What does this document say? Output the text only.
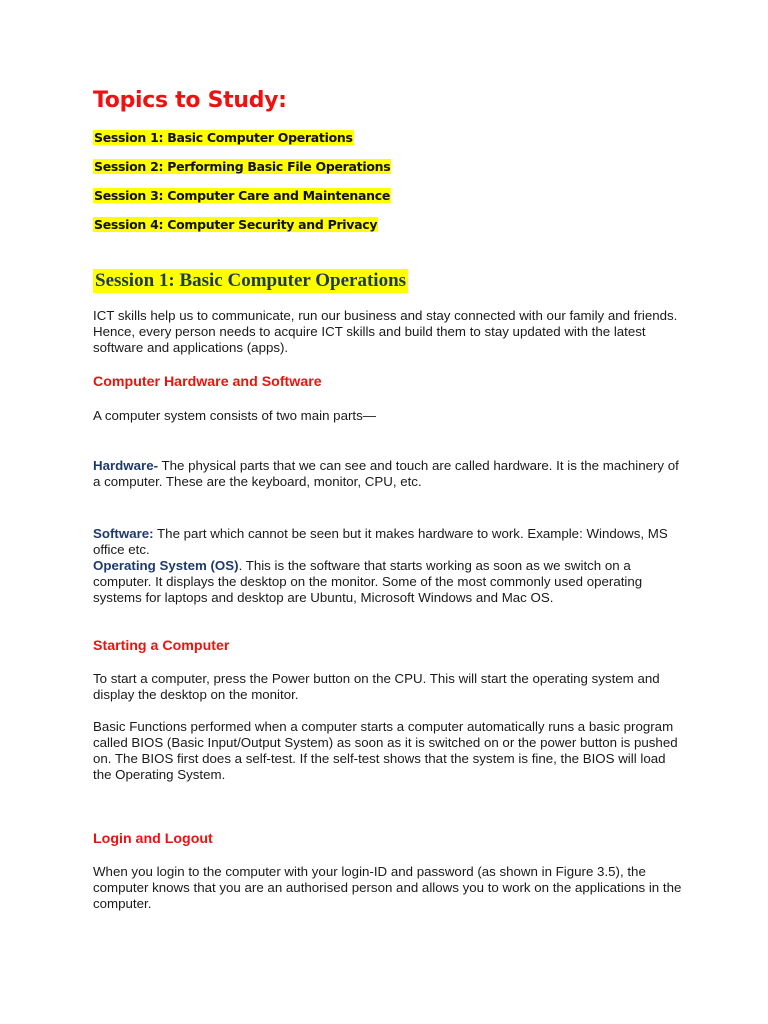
Topics to Study:
Session 1: Basic Computer Operations
Session 2: Performing Basic File Operations
Session 3: Computer Care and Maintenance
Session 4: Computer Security and Privacy
Session 1: Basic Computer Operations

ICT skills help us to communicate, run our business and stay connected with our family and friends. Hence, every person needs to acquire ICT skills and build them to stay updated with the latest software and applications (apps).

Computer Hardware and Software

A computer system consists of two main parts—

Hardware- The physical parts that we can see and touch are called hardware. It is the machinery of a computer. These are the keyboard, monitor, CPU, etc.

Software: The part which cannot be seen but it makes hardware to work. Example: Windows, MS office etc.

Operating System (OS). This is the software that starts working as soon as we switch on a computer. It displays the desktop on the monitor. Some of the most commonly used operating systems for laptops and desktop are Ubuntu, Microsoft Windows and Mac OS.

Starting a Computer

To start a computer, press the Power button on the CPU. This will start the operating system and display the desktop on the monitor.

Basic Functions performed when a computer starts a computer automatically runs a basic program called BIOS (Basic Input/Output System) as soon as it is switched on or the power button is pushed on. The BIOS first does a self-test. If the self-test shows that the system is fine, the BIOS will load the Operating System.

Login and Logout

When you login to the computer with your login-ID and password (as shown in Figure 3.5), the computer knows that you are an authorised person and allows you to work on the applications in the computer.
